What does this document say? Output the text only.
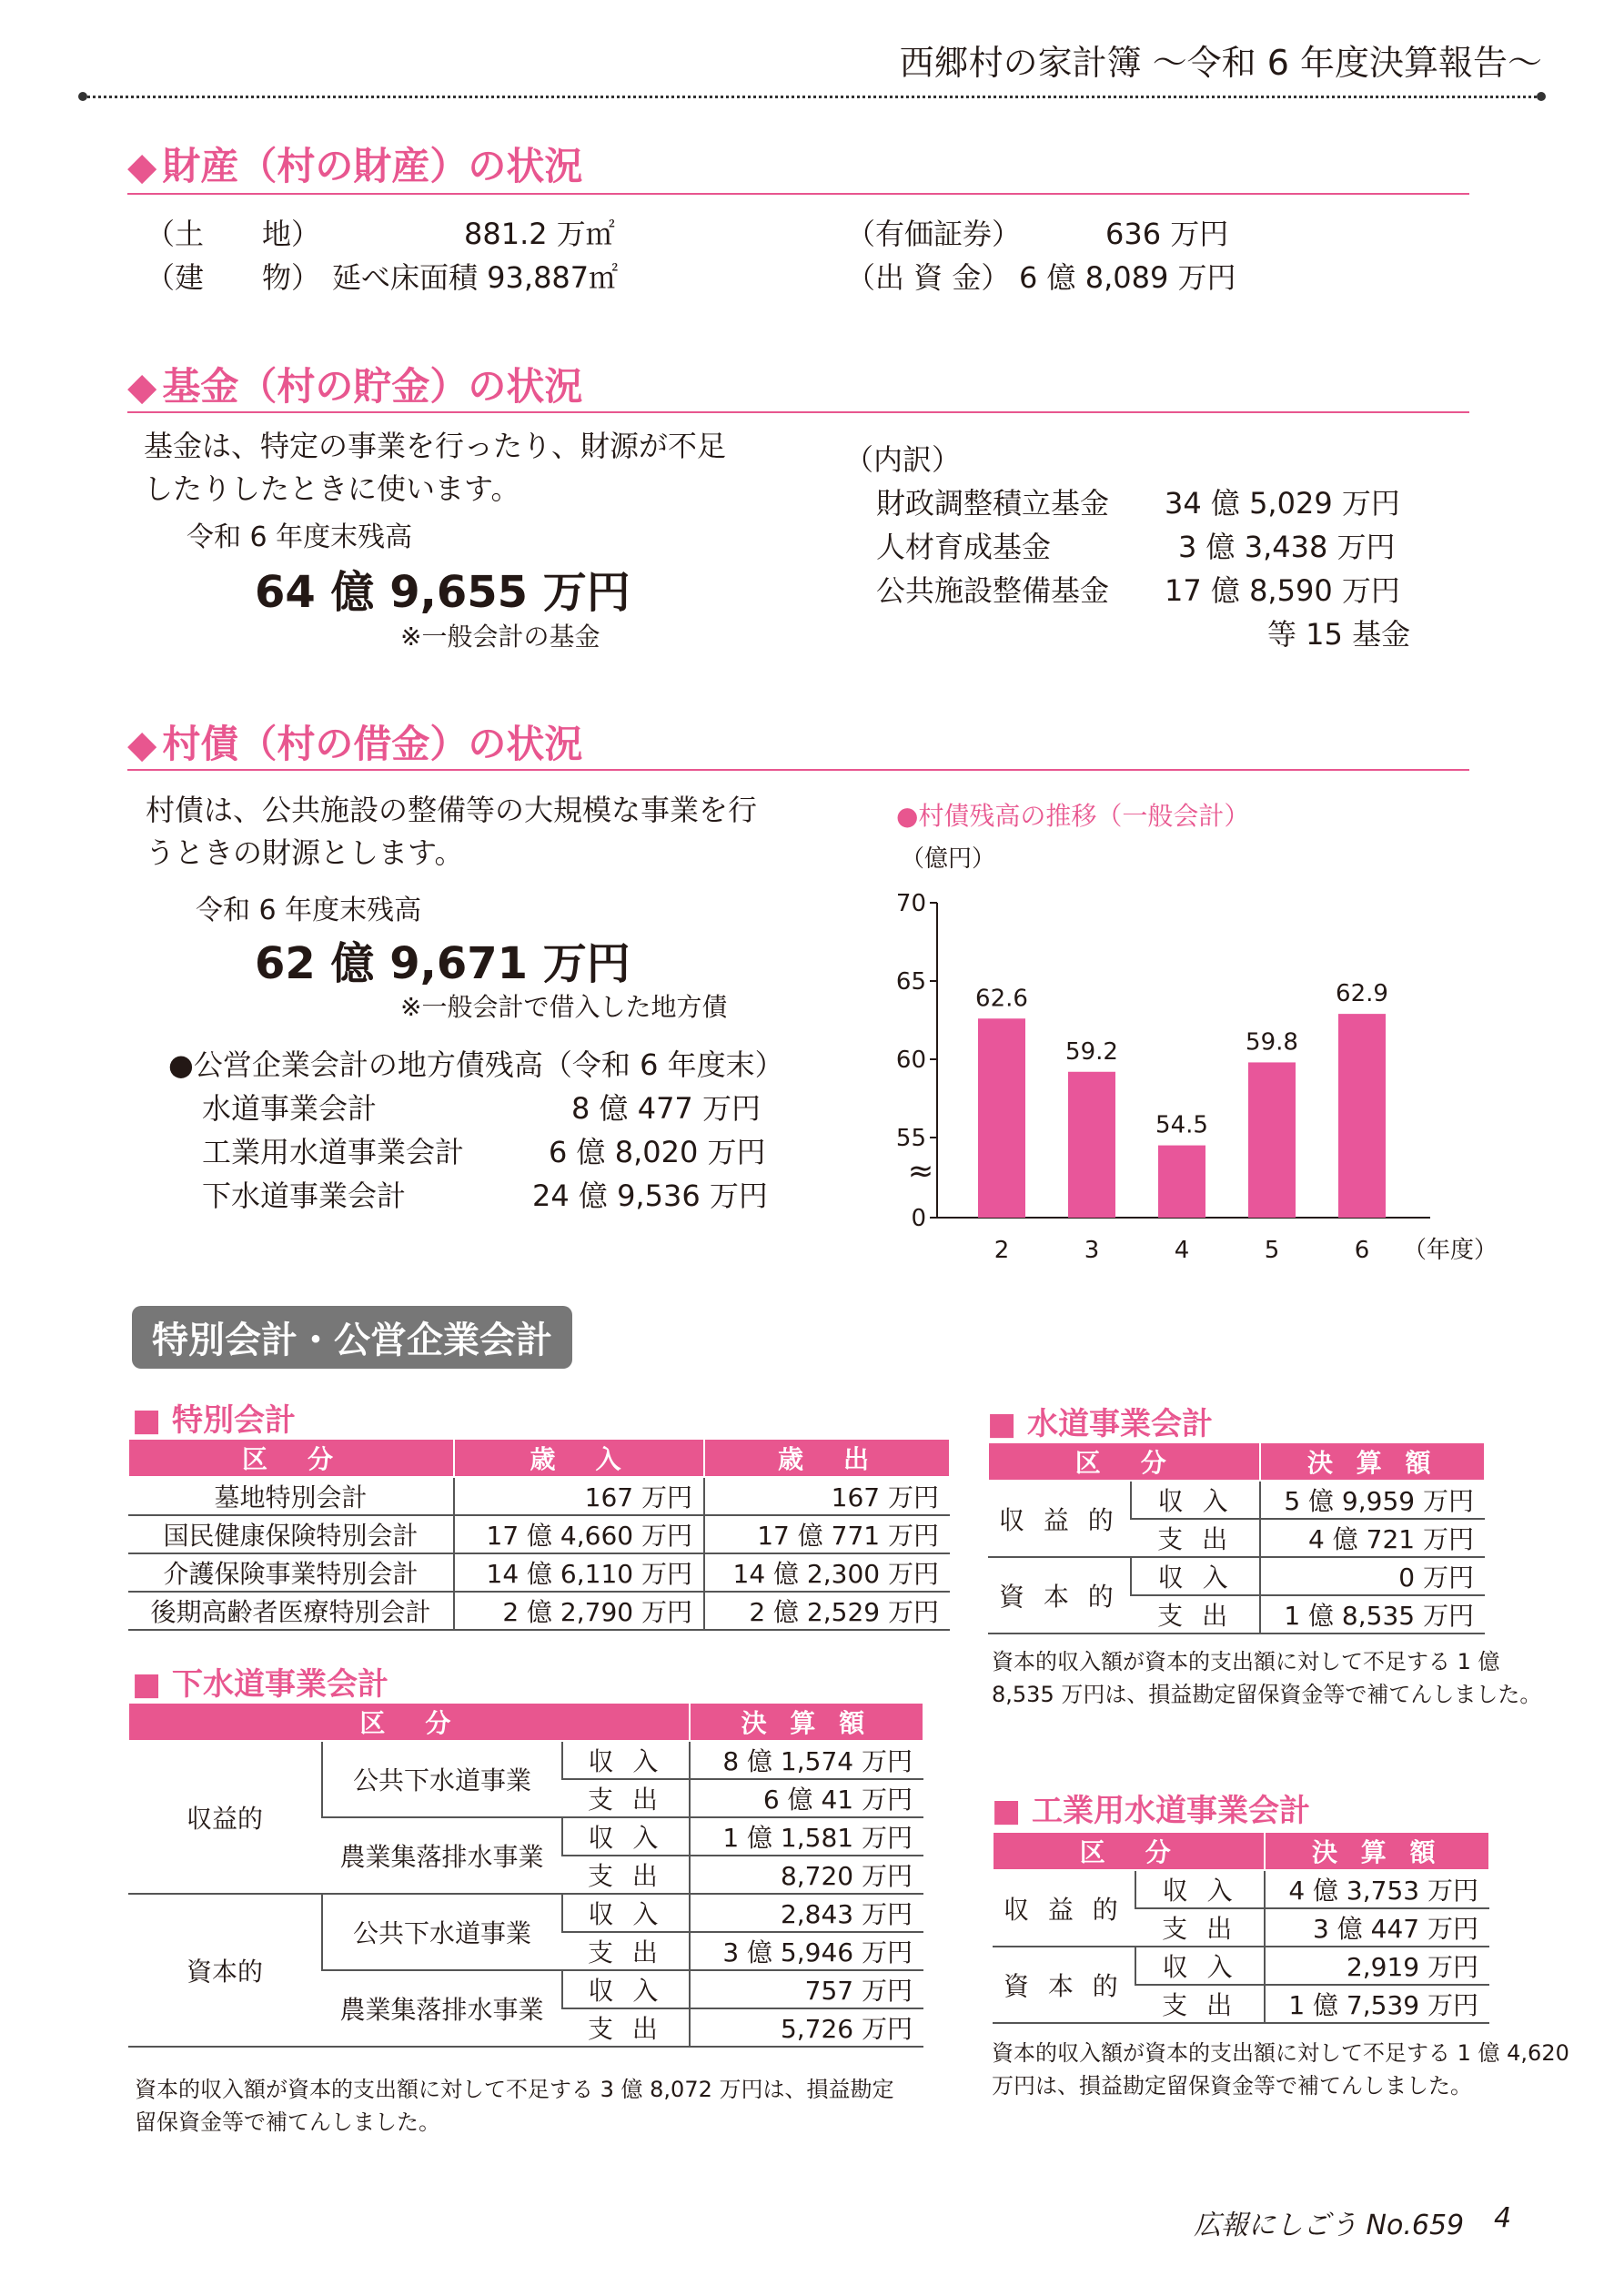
西郷村の家計簿 〜令和 6 年度決算報告〜
◆ 財産（村の財産）の状況
（土　　地）	881.2 万㎡
（建　　物） 延べ床面積 93,887㎡
（有価証券）	636 万円
（出 資 金） 6 億 8,089 万円
◆ 基金（村の貯金）の状況
基金は、特定の事業を行ったり、財源が不足
したりしたときに使います。
令和 6 年度末残高
64 億 9,655 万円
※一般会計の基金
（内訳）
財政調整積立基金 34 億 5,029 万円
人材育成基金	3 億 3,438 万円
公共施設整備基金 17 億 8,590 万円
等 15 基金
◆ 村債（村の借金）の状況
村債は、公共施設の整備等の大規模な事業を行
うときの財源とします。
令和 6 年度末残高
62 億 9,671 万円
※一般会計で借入した地方債
●公営企業会計の地方債残高（令和 6 年度末）
水道事業会計	8 億 477 万円
工業用水道事業会計	6 億 8,020 万円
下水道事業会計	24 億 9,536 万円
●村債残高の推移（一般会計）
（億円）
70
65
60
55
0
62.6
2
59.2
3
54.5
4
59.8
5
62.9
6
≈
（年度）
特別会計・公営企業会計
■ 特別会計
区　分	歳　入	歳　出
墓地特別会計	167 万円	167 万円
国民健康保険特別会計	17 億 4,660 万円	17 億 771 万円
介護保険事業特別会計	14 億 6,110 万円	14 億 2,300 万円
後期高齢者医療特別会計	2 億 2,790 万円	2 億 2,529 万円
■ 水道事業会計
区　分		決 算 額
収 益 的	収 入	5 億 9,959 万円
	支 出	4 億 721 万円
資 本 的	収 入	0 万円
	支 出	1 億 8,535 万円
資本的収入額が資本的支出額に対して不足する 1 億
8,535 万円は、損益勘定留保資金等で補てんしました。
■ 下水道事業会計
区　分			決 算 額
収益的	公共下水道事業	収 入	8 億 1,574 万円
		支 出	6 億 41 万円
	農業集落排水事業	収 入	1 億 1,581 万円
		支 出	8,720 万円
資本的	公共下水道事業	収 入	2,843 万円
		支 出	3 億 5,946 万円
	農業集落排水事業	収 入	757 万円
		支 出	5,726 万円
資本的収入額が資本的支出額に対して不足する 3 億 8,072 万円は、損益勘定
留保資金等で補てんしました。
■ 工業用水道事業会計
区　分		決 算 額
収 益 的	収 入	4 億 3,753 万円
	支 出	3 億 447 万円
資 本 的	収 入	2,919 万円
	支 出	1 億 7,539 万円
資本的収入額が資本的支出額に対して不足する 1 億 4,620
万円は、損益勘定留保資金等で補てんしました。
広報にしごう No.659 4
